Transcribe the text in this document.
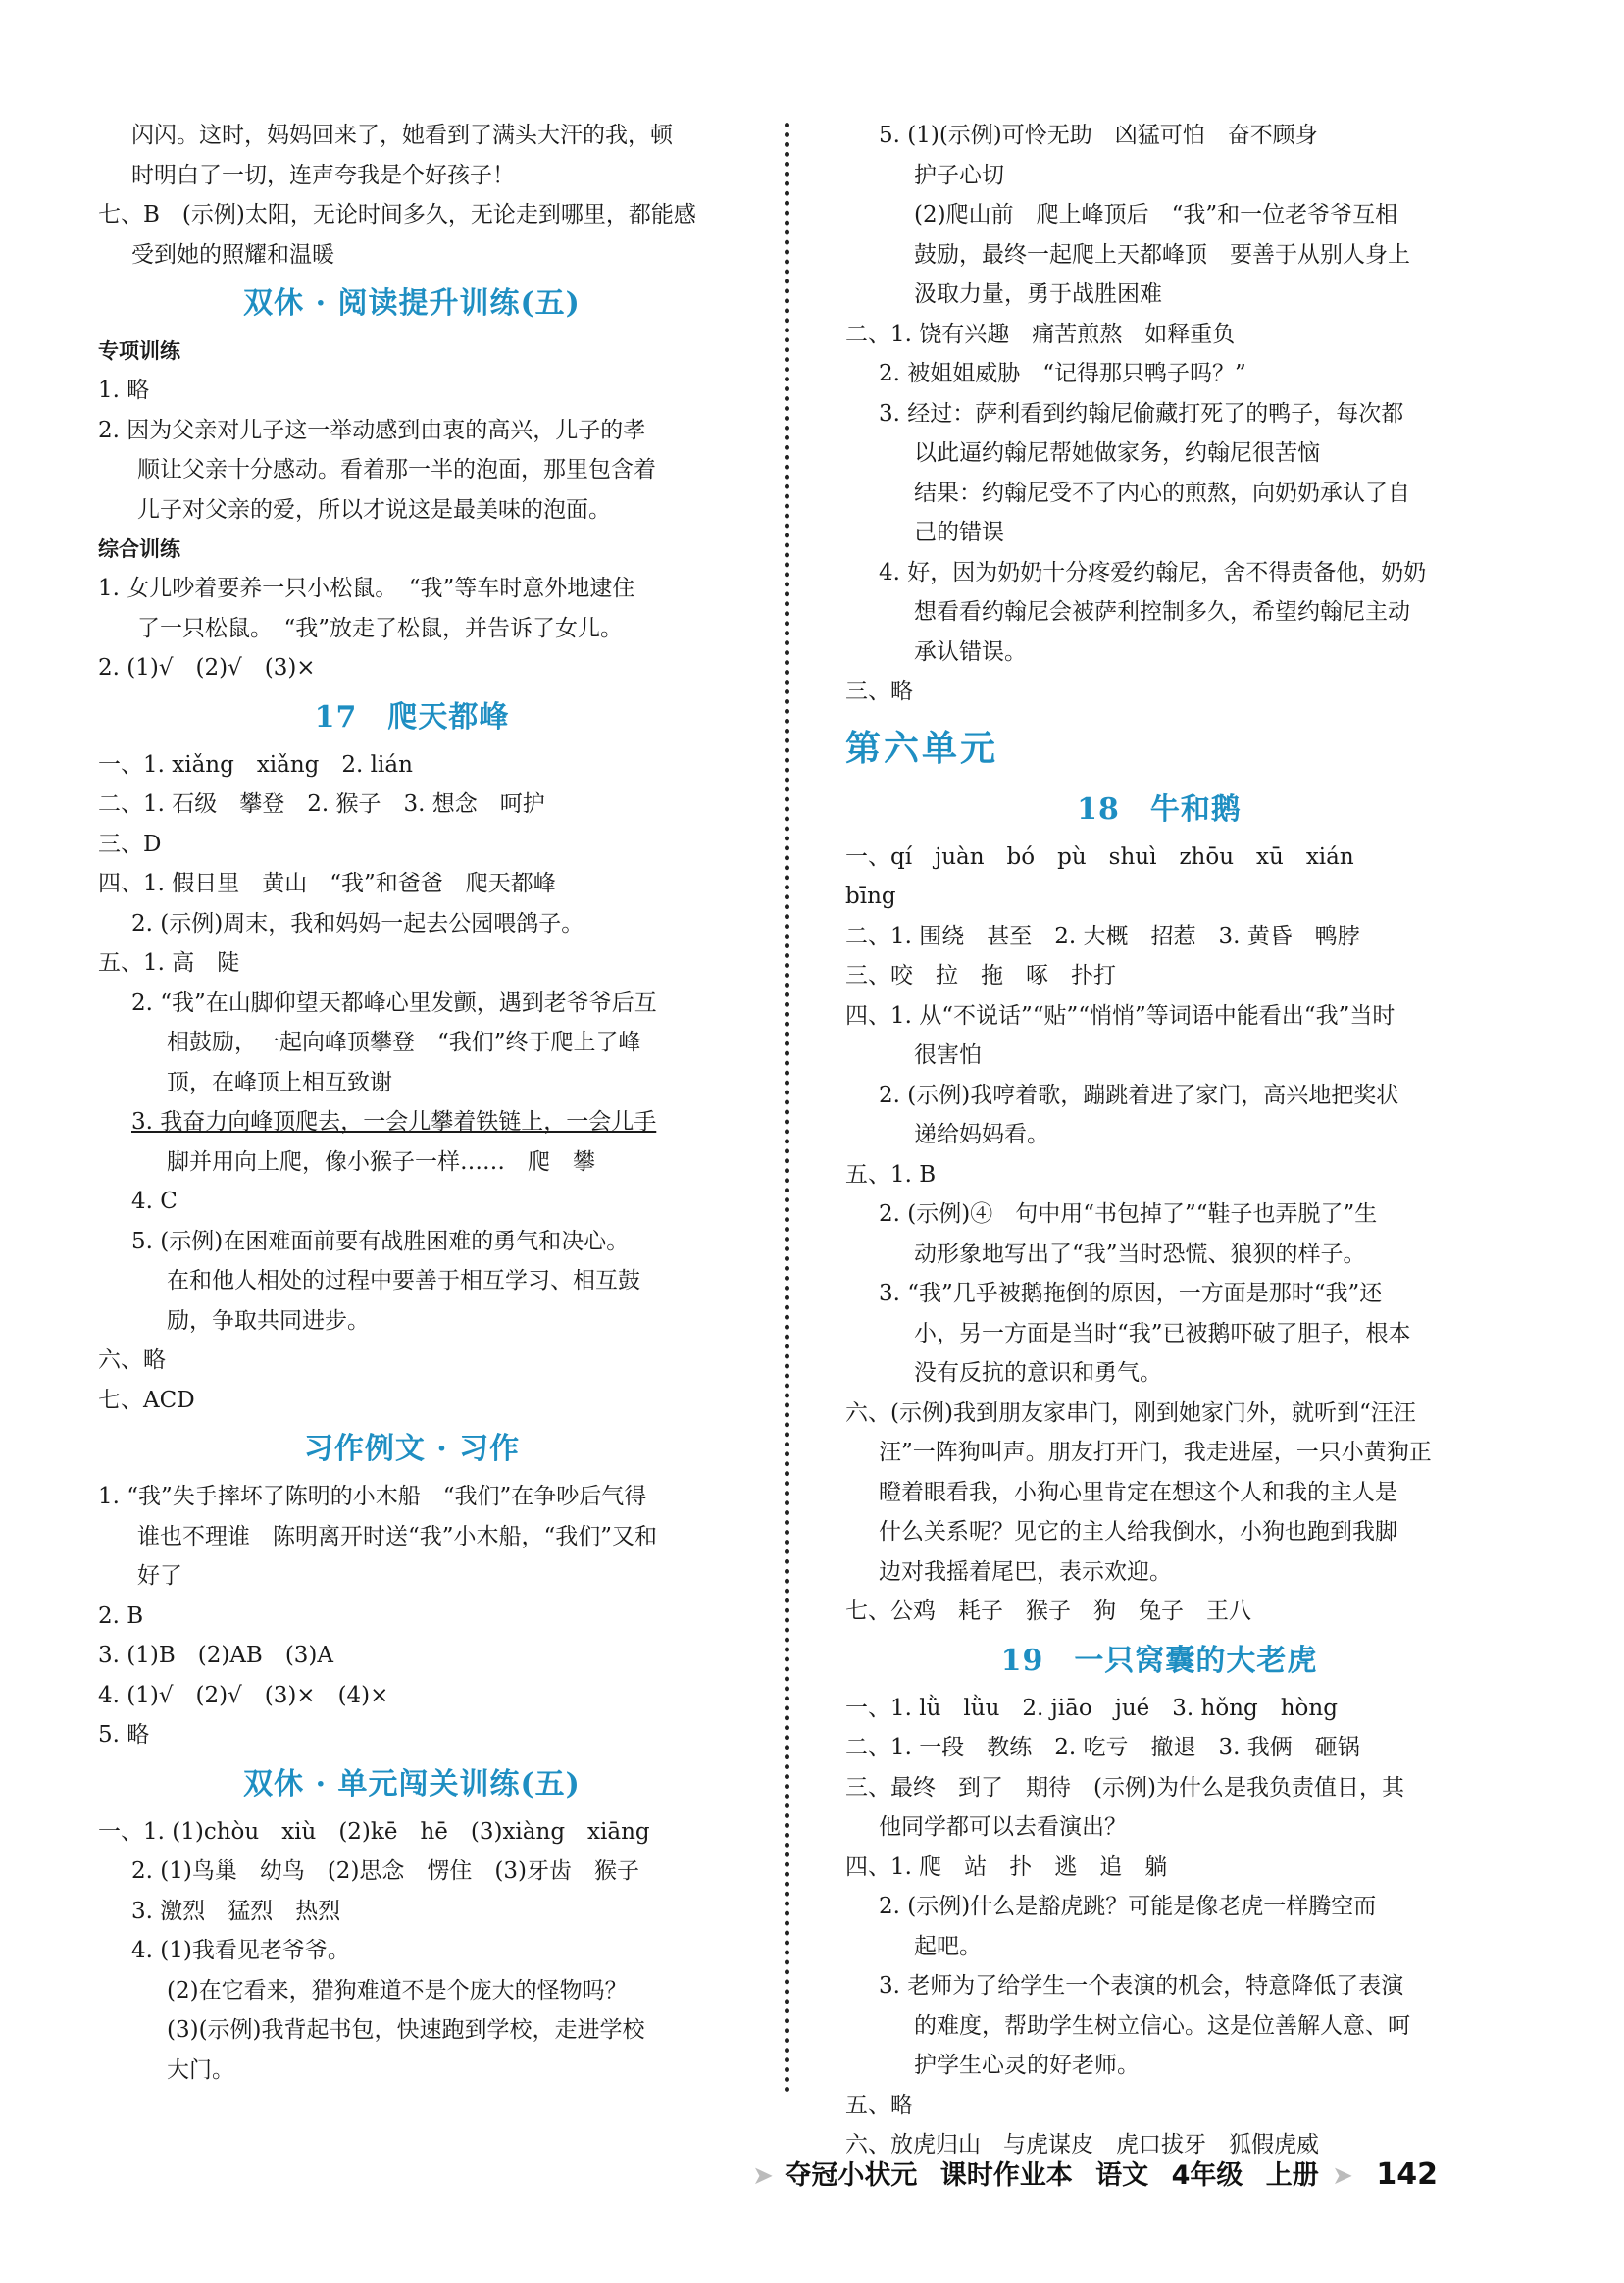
闪闪。这时，妈妈回来了，她看到了满头大汗的我，顿
时明白了一切，连声夸我是个好孩子！
七、B　(示例)太阳，无论时间多久，无论走到哪里，都能感
受到她的照耀和温暖
双休 · 阅读提升训练(五)
专项训练
1. 略
2. 因为父亲对儿子这一举动感到由衷的高兴，儿子的孝
顺让父亲十分感动。看着那一半的泡面，那里包含着
儿子对父亲的爱，所以才说这是最美味的泡面。
综合训练
1. 女儿吵着要养一只小松鼠。　“我”等车时意外地逮住
了一只松鼠。　“我”放走了松鼠，并告诉了女儿。
2. (1)√　(2)√　(3)×
17　爬天都峰
一、1. xiǎng　xiǎng　2. lián
二、1. 石级　攀登　2. 猴子　3. 想念　呵护
三、D
四、1. 假日里　黄山　“我”和爸爸　爬天都峰
2. (示例)周末，我和妈妈一起去公园喂鸽子。
五、1. 高　陡
2. “我”在山脚仰望天都峰心里发颤，遇到老爷爷后互
相鼓励，一起向峰顶攀登　“我们”终于爬上了峰
顶，在峰顶上相互致谢
3. 我奋力向峰顶爬去，一会儿攀着铁链上，一会儿手
脚并用向上爬，像小猴子一样……　爬　攀
4. C
5. (示例)在困难面前要有战胜困难的勇气和决心。
在和他人相处的过程中要善于相互学习、相互鼓
励，争取共同进步。
六、略
七、ACD
习作例文 · 习作
1. “我”失手摔坏了陈明的小木船　“我们”在争吵后气得
谁也不理谁　陈明离开时送“我”小木船，“我们”又和
好了
2. B
3. (1)B　(2)AB　(3)A
4. (1)√　(2)√　(3)×　(4)×
5. 略
双休 · 单元闯关训练(五)
一、1. (1)chòu　xiù　(2)kē　hē　(3)xiàng　xiāng
2. (1)鸟巢　幼鸟　(2)思念　愣住　(3)牙齿　猴子
3. 激烈　猛烈　热烈
4. (1)我看见老爷爷。
(2)在它看来，猎狗难道不是个庞大的怪物吗？
(3)(示例)我背起书包，快速跑到学校，走进学校
大门。
5. (1)(示例)可怜无助　凶猛可怕　奋不顾身
护子心切
(2)爬山前　爬上峰顶后　“我”和一位老爷爷互相
鼓励，最终一起爬上天都峰顶　要善于从别人身上
汲取力量，勇于战胜困难
二、1. 饶有兴趣　痛苦煎熬　如释重负
2. 被姐姐威胁　“记得那只鸭子吗？”
3. 经过：萨利看到约翰尼偷藏打死了的鸭子，每次都
以此逼约翰尼帮她做家务，约翰尼很苦恼
结果：约翰尼受不了内心的煎熬，向奶奶承认了自
己的错误
4. 好，因为奶奶十分疼爱约翰尼，舍不得责备他，奶奶
想看看约翰尼会被萨利控制多久，希望约翰尼主动
承认错误。
三、略
第六单元
18　牛和鹅
一、qí　juàn　bó　pù　shuì　zhōu　xū　xián
bīng
二、1. 围绕　甚至　2. 大概　招惹　3. 黄昏　鸭脖
三、咬　拉　拖　啄　扑打
四、1. 从“不说话”“贴”“悄悄”等词语中能看出“我”当时
很害怕
2. (示例)我哼着歌，蹦跳着进了家门，高兴地把奖状
递给妈妈看。
五、1. B
2. (示例)④　句中用“书包掉了”“鞋子也弄脱了”生
动形象地写出了“我”当时恐慌、狼狈的样子。
3. “我”几乎被鹅拖倒的原因，一方面是那时“我”还
小，另一方面是当时“我”已被鹅吓破了胆子，根本
没有反抗的意识和勇气。
六、(示例)我到朋友家串门，刚到她家门外，就听到“汪汪
汪”一阵狗叫声。朋友打开门，我走进屋，一只小黄狗正
瞪着眼看我，小狗心里肯定在想这个人和我的主人是
什么关系呢？见它的主人给我倒水，小狗也跑到我脚
边对我摇着尾巴，表示欢迎。
七、公鸡　耗子　猴子　狗　兔子　王八
19　一只窝囊的大老虎
一、1. lǜ　lǜu　2. jiāo　jué　3. hǒng　hòng
二、1. 一段　教练　2. 吃亏　撤退　3. 我俩　砸锅
三、最终　到了　期待　(示例)为什么是我负责值日，其
他同学都可以去看演出？
四、1. 爬　站　扑　逃　追　躺
2. (示例)什么是豁虎跳？可能是像老虎一样腾空而
起吧。
3. 老师为了给学生一个表演的机会，特意降低了表演
的难度，帮助学生树立信心。这是位善解人意、呵
护学生心灵的好老师。
五、略
六、放虎归山　与虎谋皮　虎口拔牙　狐假虎威
➤ 夺冠小状元 课时作业本 语文 4年级 上册 ➤ 142
